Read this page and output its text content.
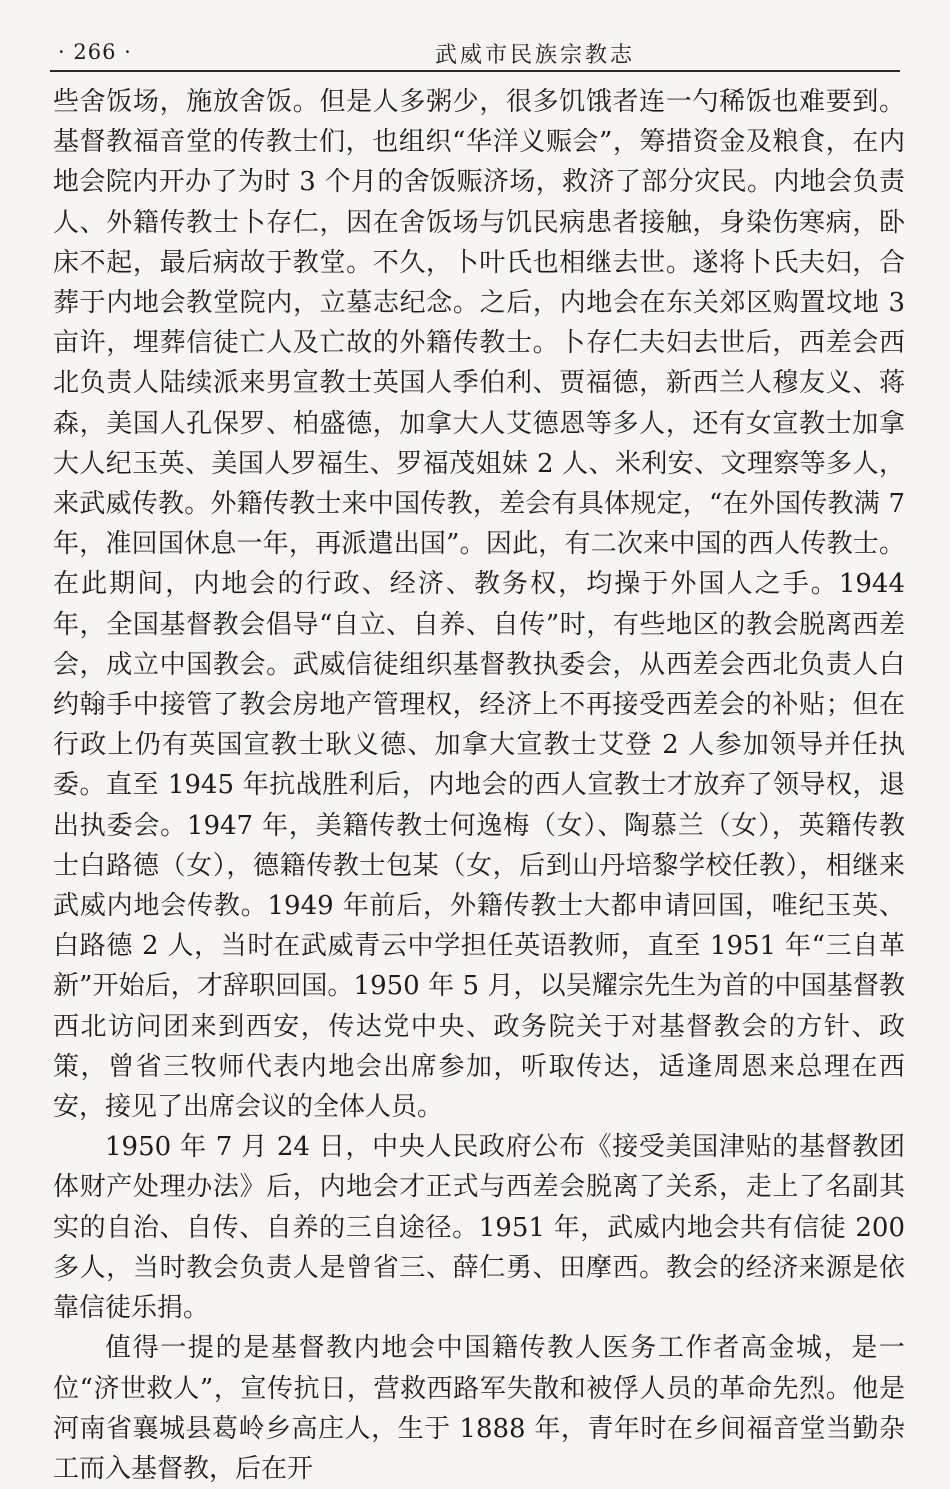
· 266 ·	武威市民族宗教志

些舍饭场，施放舍饭。但是人多粥少，很多饥饿者连一勺稀饭也难要到。基督教福音堂的传教士们，也组织“华洋义赈会”，筹措资金及粮食，在内地会院内开办了为时 3 个月的舍饭赈济场，救济了部分灾民。内地会负责人、外籍传教士卜存仁，因在舍饭场与饥民病患者接触，身染伤寒病，卧床不起，最后病故于教堂。不久，卜叶氏也相继去世。遂将卜氏夫妇，合葬于内地会教堂院内，立墓志纪念。之后，内地会在东关郊区购置坟地 3 亩许，埋葬信徒亡人及亡故的外籍传教士。卜存仁夫妇去世后，西差会西北负责人陆续派来男宣教士英国人季伯利、贾福德，新西兰人穆友义、蒋森，美国人孔保罗、柏盛德，加拿大人艾德恩等多人，还有女宣教士加拿大人纪玉英、美国人罗福生、罗福茂姐妹 2 人、米利安、文理察等多人，来武威传教。外籍传教士来中国传教，差会有具体规定，“在外国传教满 7 年，准回国休息一年，再派遣出国”。因此，有二次来中国的西人传教士。在此期间，内地会的行政、经济、教务权，均操于外国人之手。1944 年，全国基督教会倡导“自立、自养、自传”时，有些地区的教会脱离西差会，成立中国教会。武威信徒组织基督教执委会，从西差会西北负责人白约翰手中接管了教会房地产管理权，经济上不再接受西差会的补贴；但在行政上仍有英国宣教士耿义德、加拿大宣教士艾登 2 人参加领导并任执委。直至 1945 年抗战胜利后，内地会的西人宣教士才放弃了领导权，退出执委会。1947 年，美籍传教士何逸梅（女）、陶慕兰（女），英籍传教士白路德（女），德籍传教士包某（女，后到山丹培黎学校任教），相继来武威内地会传教。1949 年前后，外籍传教士大都申请回国，唯纪玉英、白路德 2 人，当时在武威青云中学担任英语教师，直至 1951 年“三自革新”开始后，才辞职回国。1950 年 5 月，以吴耀宗先生为首的中国基督教西北访问团来到西安，传达党中央、政务院关于对基督教会的方针、政策，曾省三牧师代表内地会出席参加，听取传达，适逢周恩来总理在西安，接见了出席会议的全体人员。

1950 年 7 月 24 日，中央人民政府公布《接受美国津贴的基督教团体财产处理办法》后，内地会才正式与西差会脱离了关系，走上了名副其实的自治、自传、自养的三自途径。1951 年，武威内地会共有信徒 200 多人，当时教会负责人是曾省三、薛仁勇、田摩西。教会的经济来源是依靠信徒乐捐。

值得一提的是基督教内地会中国籍传教人医务工作者高金城，是一位“济世救人”，宣传抗日，营救西路军失散和被俘人员的革命先烈。他是河南省襄城县葛岭乡高庄人，生于 1888 年，青年时在乡间福音堂当勤杂工而入基督教，后在开
